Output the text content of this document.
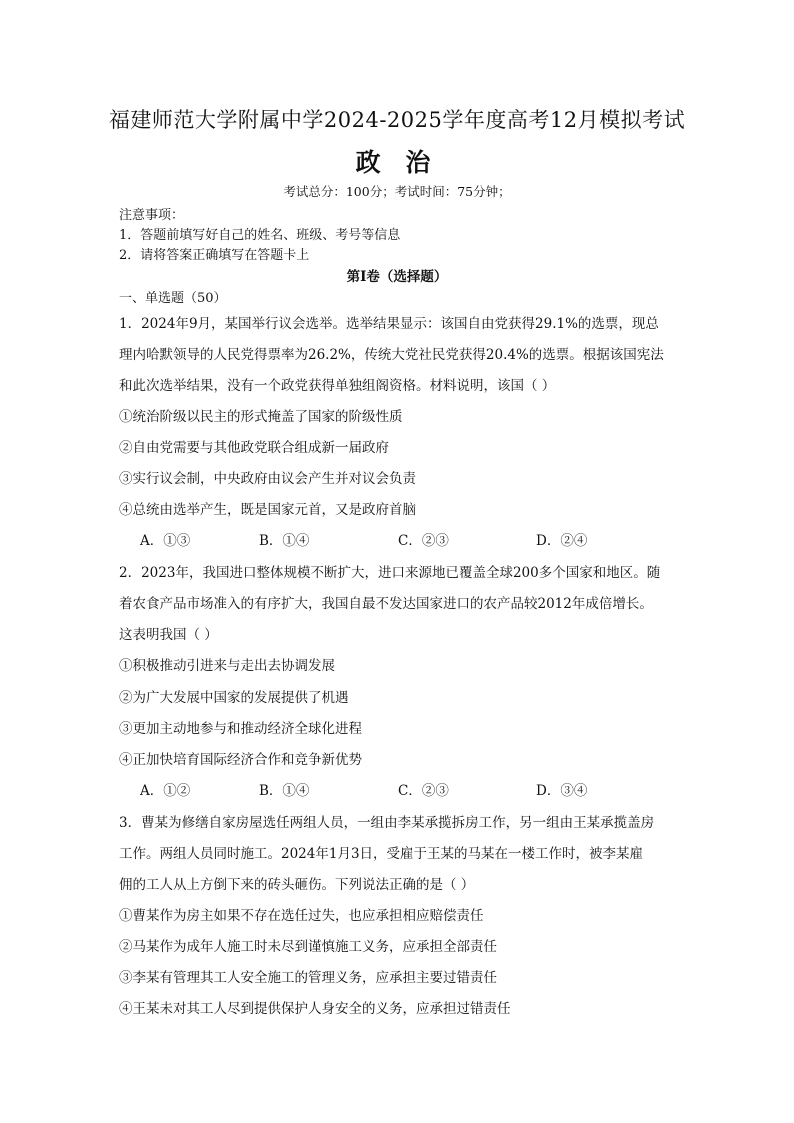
福建师范大学附属中学2024-2025学年度高考12月模拟考试
政 治
考试总分：100分；考试时间：75分钟；
注意事项：
1．答题前填写好自己的姓名、班级、考号等信息
2．请将答案正确填写在答题卡上
第I卷（选择题）
一、单选题（50）
1．2024年9月，某国举行议会选举。选举结果显示：该国自由党获得29.1%的选票，现总
理内哈默领导的人民党得票率为26.2%，传统大党社民党获得20.4%的选票。根据该国宪法
和此次选举结果，没有一个政党获得单独组阁资格。材料说明，该国（ ）
①统治阶级以民主的形式掩盖了国家的阶级性质
②自由党需要与其他政党联合组成新一届政府
③实行议会制，中央政府由议会产生并对议会负责
④总统由选举产生，既是国家元首，又是政府首脑
A．①③	B．①④	C．②③	D．②④
2．2023年，我国进口整体规模不断扩大，进口来源地已覆盖全球200多个国家和地区。随
着农食产品市场准入的有序扩大，我国自最不发达国家进口的农产品较2012年成倍增长。
这表明我国（ ）
①积极推动引进来与走出去协调发展
②为广大发展中国家的发展提供了机遇
③更加主动地参与和推动经济全球化进程
④正加快培育国际经济合作和竞争新优势
A．①②	B．①④	C．②③	D．③④
3．曹某为修缮自家房屋选任两组人员，一组由李某承揽拆房工作，另一组由王某承揽盖房
工作。两组人员同时施工。2024年1月3日，受雇于王某的马某在一楼工作时，被李某雇
佣的工人从上方倒下来的砖头砸伤。下列说法正确的是（ ）
①曹某作为房主如果不存在选任过失，也应承担相应赔偿责任
②马某作为成年人施工时未尽到谨慎施工义务，应承担全部责任
③李某有管理其工人安全施工的管理义务，应承担主要过错责任
④王某未对其工人尽到提供保护人身安全的义务，应承担过错责任
